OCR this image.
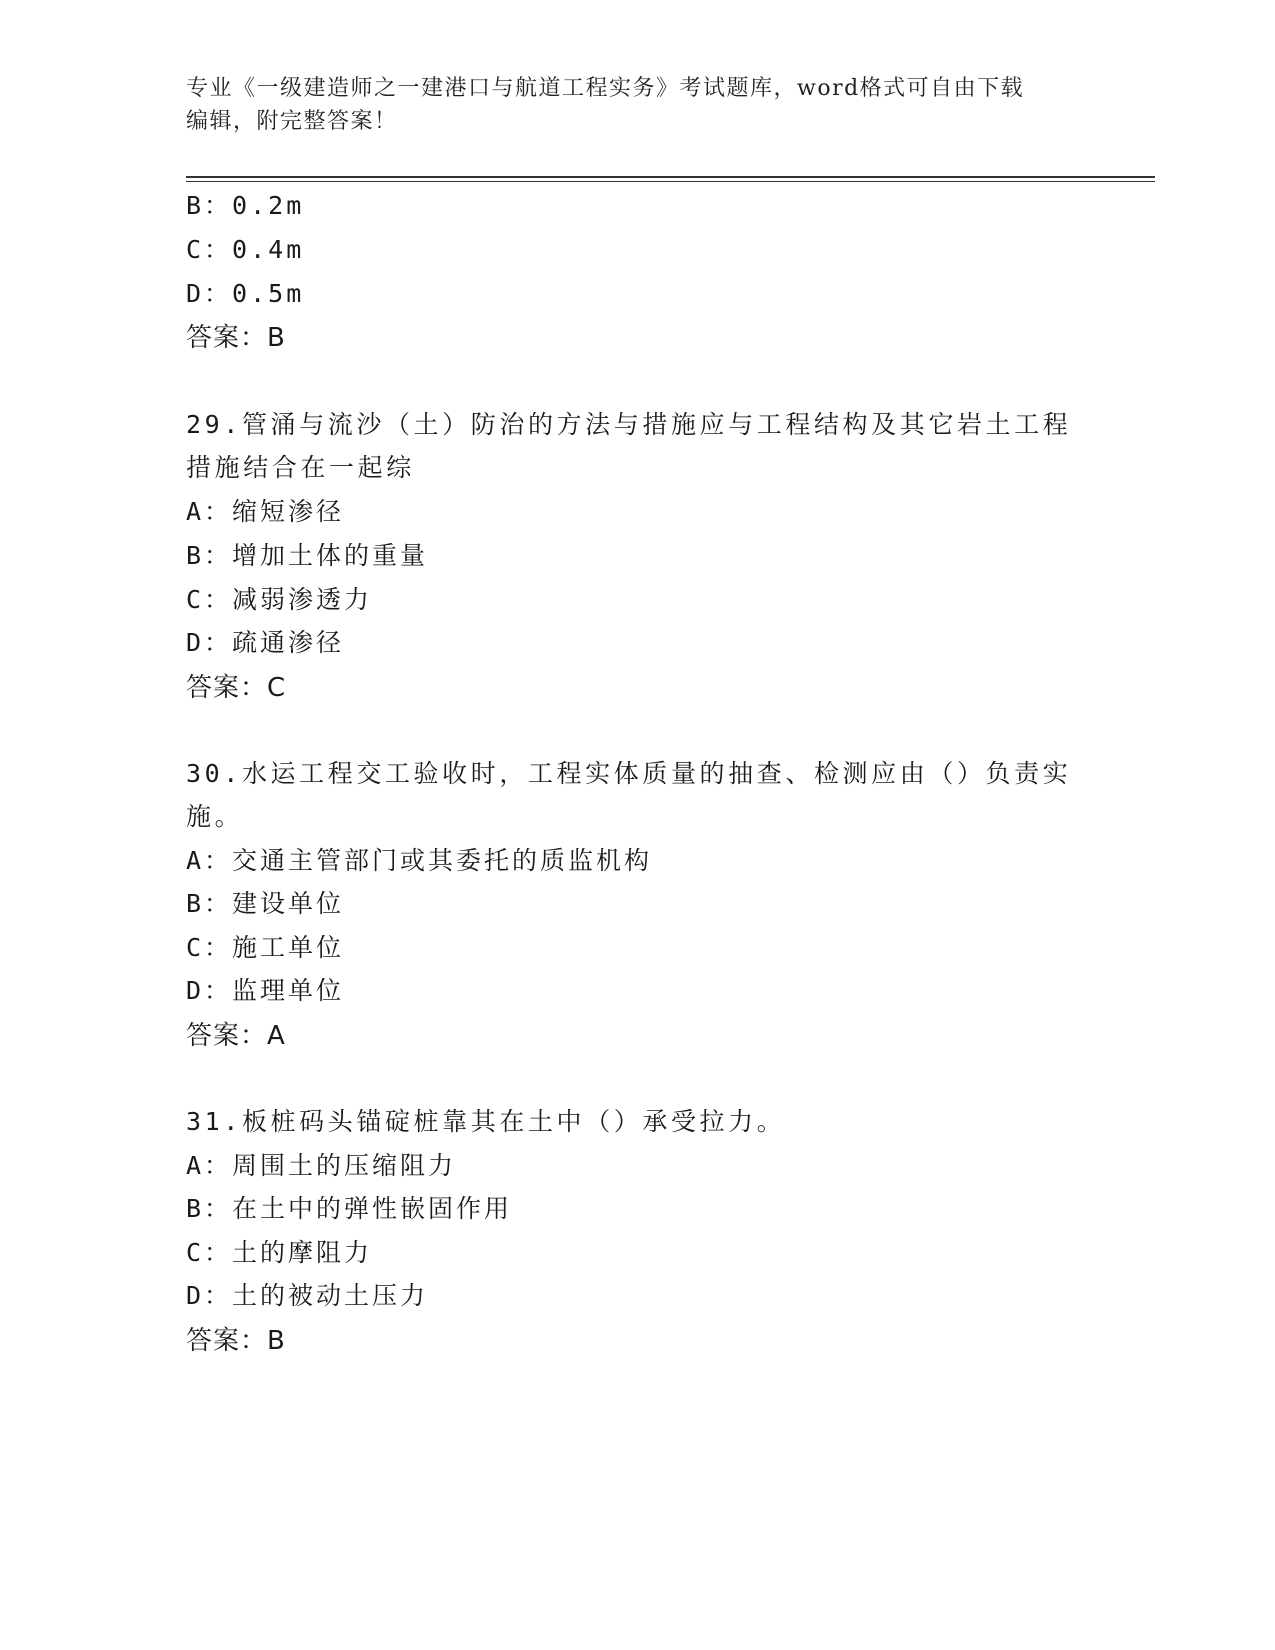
专业《一级建造师之一建港口与航道工程实务》考试题库，word格式可自由下载
编辑，附完整答案！
B：0.2m
C：0.4m
D：0.5m
答案：B
29.管涌与流沙（土）防治的方法与措施应与工程结构及其它岩土工程
措施结合在一起综
A：缩短渗径
B：增加土体的重量
C：减弱渗透力
D：疏通渗径
答案：C
30.水运工程交工验收时，工程实体质量的抽查、检测应由（）负责实
施。
A：交通主管部门或其委托的质监机构
B：建设单位
C：施工单位
D：监理单位
答案：A
31.板桩码头锚碇桩靠其在土中（）承受拉力。
A：周围土的压缩阻力
B：在土中的弹性嵌固作用
C：土的摩阻力
D：土的被动土压力
答案：B
